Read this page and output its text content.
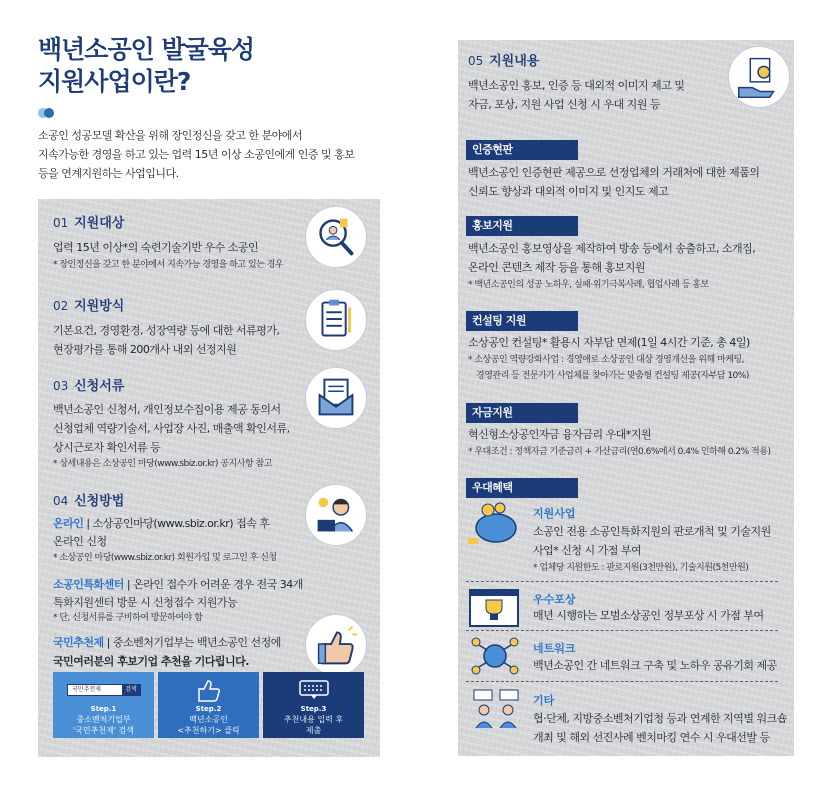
백년소공인 발굴육성
지원사업이란?
소공인 성공모델 확산을 위해 장인정신을 갖고 한 분야에서
지속가능한 경영을 하고 있는 업력 15년 이상 소공인에게 인증 및 홍보
등을 연계지원하는 사업입니다.
01 지원대상
업력 15년 이상*의 숙련기술기반 우수 소공인
* 장인정신을 갖고 한 분야에서 지속가능 경영을 하고 있는 경우
02 지원방식
기본요건, 경영환경, 성장역량 등에 대한 서류평가,
현장평가를 통해 200개사 내외 선정지원
03 신청서류
백년소공인 신청서, 개인정보수집이용 제공 동의서
신청업체 역량기술서, 사업장 사진, 매출액 확인서류,
상시근로자 확인서류 등
* 상세내용은 소상공인 마당(www.sbiz.or.kr) 공지사항 참고
04 신청방법
온라인 | 소상공인마당(www.sbiz.or.kr) 접속 후
온라인 신청
* 소상공인 마당(www.sbiz.or.kr) 회원가입 및 로그인 후 신청
소공인특화센터 | 온라인 접수가 어려운 경우 전국 34개
특화지원센터 방문 시 신청접수 지원가능
* 단, 신청서류를 구비하여 방문하여야 함
국민추천제 | 중소벤처기업부는 백년소공인 선정에
국민여러분의 후보기업 추천을 기다립니다.
국민추천제	검색
Step.1
중소벤처기업부
'국민추천제' 검색
Step.2
백년소공인
<추천하기> 클릭
Step.3
추천내용 입력 후
제출
05 지원내용
백년소공인 홍보, 인증 등 대외적 이미지 제고 및
자금, 포상, 지원 사업 신청 시 우대 지원 등
인증현판
백년소공인 인증현판 제공으로 선정업체의 거래처에 대한 제품의
신뢰도 향상과 대외적 이미지 및 인지도 제고
홍보지원
백년소공인 홍보영상을 제작하여 방송 등에서 송출하고, 소개집,
온라인 콘텐츠 제작 등을 통해 홍보지원
* 백년소공인의 성공 노하우, 실패·위기극복사례, 협업사례 등 홍보
컨설팅 지원
소상공인 컨설팅* 활용시 자부담 면제(1일 4시간 기준, 총 4일)
* 소상공인 역량강화사업 : 경영애로 소상공인 대상 경영개선을 위해 마케팅,
경영관리 등 전문가가 사업체를 찾아가는 맞춤형 컨설팅 제공(자부담 10%)
자금지원
혁신형소상공인자금 융자금리 우대*지원
* 우대조건 : 정책자금 기준금리 + 가산금리(연0.6%에서 0.4% 인하해 0.2% 적용)
우대혜택
지원사업
소공인 전용 소공인특화지원의 판로개척 및 기술지원
사업* 신청 시 가점 부여
* 업체당 지원한도 : 판로지원(3천만원), 기술지원(5천만원)
우수포상
매년 시행하는 모범소상공인 정부포상 시 가점 부여
네트워크
백년소공인 간 네트워크 구축 및 노하우 공유기회 제공
기타
협·단체, 지방중소벤처기업청 등과 연계한 지역별 워크숍
개최 및 해외 선진사례 벤치마킹 연수 시 우대선발 등
